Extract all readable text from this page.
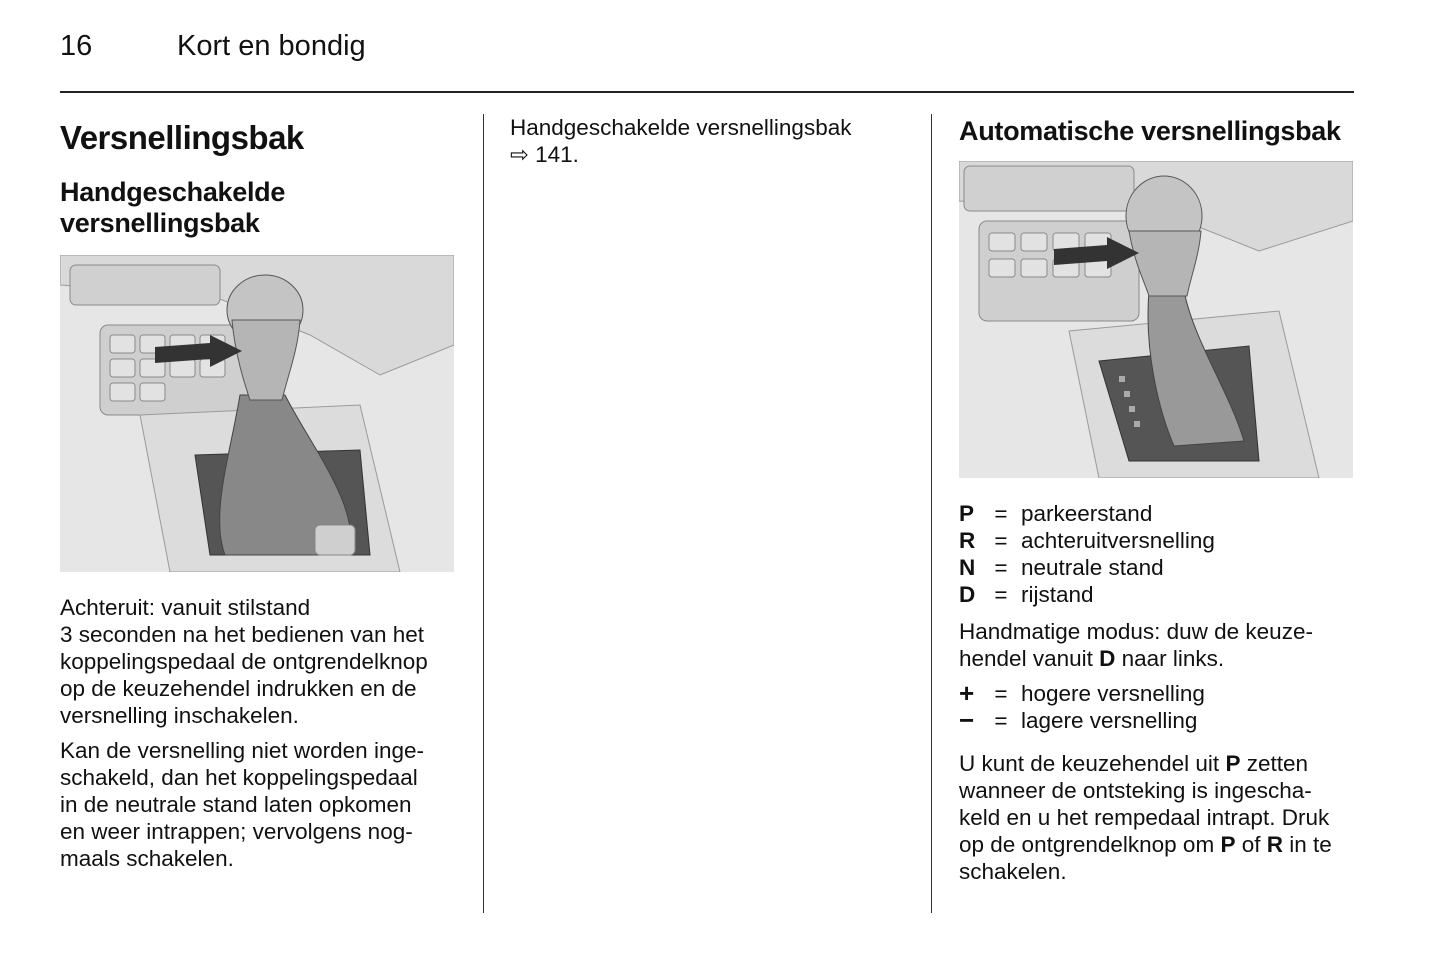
16	Kort en bondig
Versnellingsbak
Handgeschakelde
versnellingsbak

Achteruit: vanuit stilstand

3 seconden na het bedienen van het

koppelingspedaal de ontgrendelknop

op de keuzehendel indrukken en de

versnelling inschakelen.

Kan de versnelling niet worden inge-

schakeld, dan het koppelingspedaal

in de neutrale stand laten opkomen

en weer intrappen; vervolgens nog-

maals schakelen.

Handgeschakelde versnellingsbak

⇨ 141.

Automatische versnellingsbak
P = parkeerstand
R = achteruitversnelling
N = neutrale stand
D = rijstand

Handmatige modus: duw de keuze-

hendel vanuit D naar links.

+ = hogere versnelling
− = lagere versnelling

U kunt de keuzehendel uit P zetten

wanneer de ontsteking is ingescha-

keld en u het rempedaal intrapt. Druk

op de ontgrendelknop om P of R in te

schakelen.
